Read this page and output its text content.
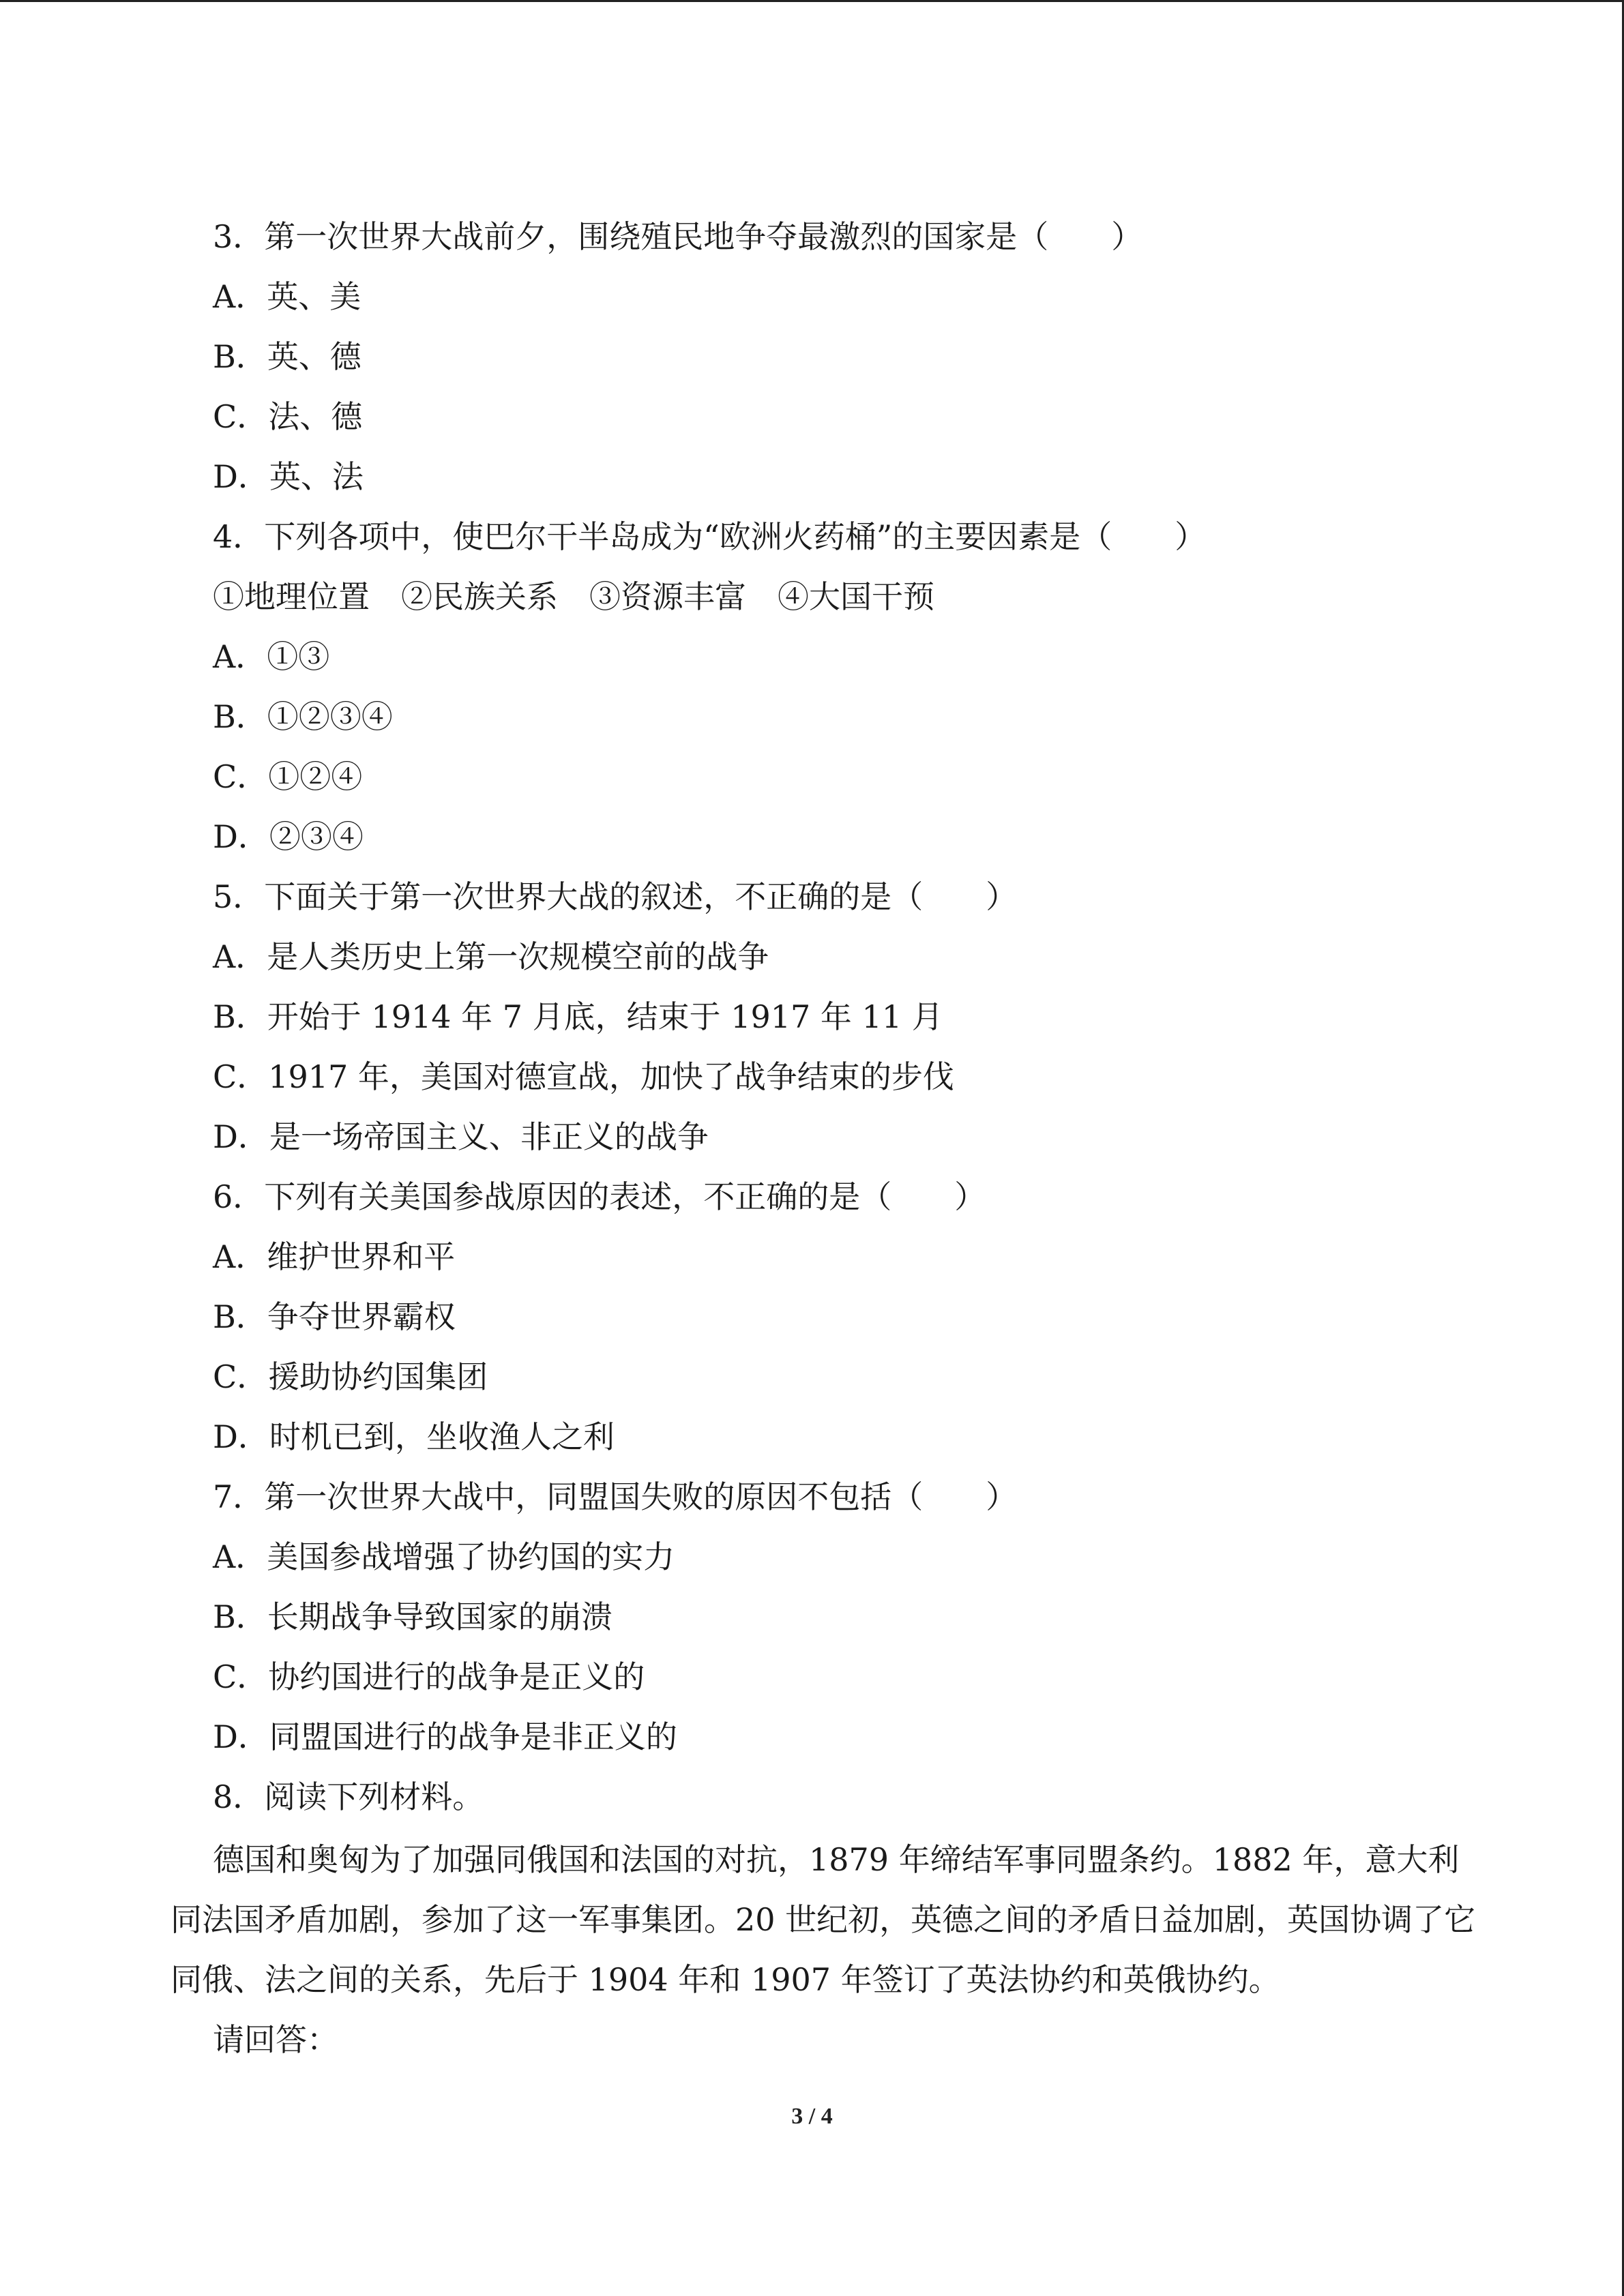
3．第一次世界大战前夕，围绕殖民地争夺最激烈的国家是（　　）
A．英、美
B．英、德
C．法、德
D．英、法
4．下列各项中，使巴尔干半岛成为“欧洲火药桶”的主要因素是（　　）
①地理位置　②民族关系　③资源丰富　④大国干预
A．①③
B．①②③④
C．①②④
D．②③④
5．下面关于第一次世界大战的叙述，不正确的是（　　）
A．是人类历史上第一次规模空前的战争
B．开始于 1914 年 7 月底，结束于 1917 年 11 月
C．1917 年，美国对德宣战，加快了战争结束的步伐
D．是一场帝国主义、非正义的战争
6．下列有关美国参战原因的表述，不正确的是（　　）
A．维护世界和平
B．争夺世界霸权
C．援助协约国集团
D．时机已到，坐收渔人之利
7．第一次世界大战中，同盟国失败的原因不包括（　　）
A．美国参战增强了协约国的实力
B．长期战争导致国家的崩溃
C．协约国进行的战争是正义的
D．同盟国进行的战争是非正义的
8．阅读下列材料。
德国和奥匈为了加强同俄国和法国的对抗，1879 年缔结军事同盟条约。1882 年，意大利同法国矛盾加剧，参加了这一军事集团。20 世纪初，英德之间的矛盾日益加剧，英国协调了它同俄、法之间的关系，先后于 1904 年和 1907 年签订了英法协约和英俄协约。
请回答：
3 / 4
